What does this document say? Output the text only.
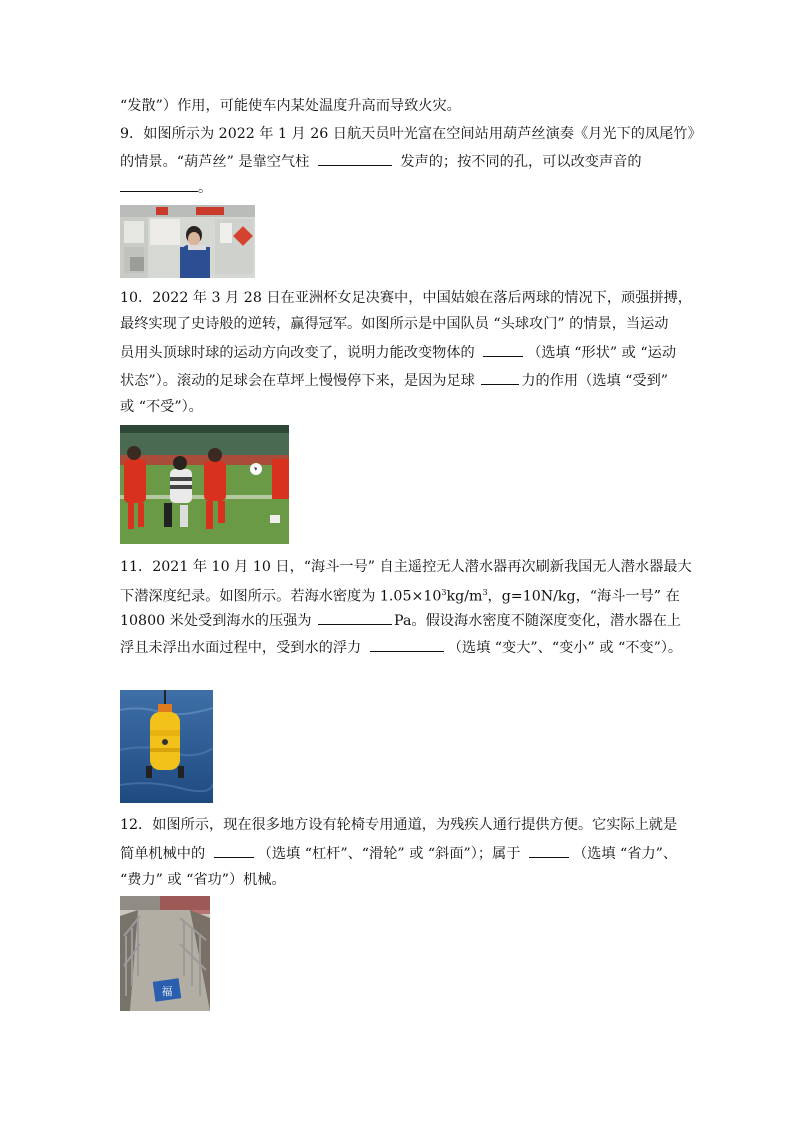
“发散”）作用，可能使车内某处温度升高而导致火灾。
9．如图所示为 2022 年 1 月 26 日航天员叶光富在空间站用葫芦丝演奏《月光下的凤尾竹》
的情景。“葫芦丝” 是靠空气柱	发声的；按不同的孔，可以改变声音的
。
10．2022 年 3 月 28 日在亚洲杯女足决赛中，中国姑娘在落后两球的情况下，顽强拼搏，
最终实现了史诗般的逆转，赢得冠军。如图所示是中国队员 “头球攻门” 的情景，当运动
员用头顶球时球的运动方向改变了，说明力能改变物体的	（选填 “形状” 或 “运动
状态”）。滚动的足球会在草坪上慢慢停下来，是因为足球	力的作用（选填 “受到”
或 “不受”）。
11．2021 年 10 月 10 日，“海斗一号” 自主遥控无人潜水器再次刷新我国无人潜水器最大
下潜深度纪录。如图所示。若海水密度为 $1.05\times 10^3kg/m^3$，g=10N/kg，“海斗一号” 在
10800 米处受到海水的压强为	Pa。假设海水密度不随深度变化，潜水器在上
浮且未浮出水面过程中，受到水的浮力	（选填 “变大”、“变小” 或 “不变”）。
12．如图所示，现在很多地方设有轮椅专用通道，为残疾人通行提供方便。它实际上就是
简单机械中的	（选填 “杠杆”、“滑轮” 或 “斜面”）；属于	（选填 “省力”、
“费力” 或 “省功”）机械。
福
